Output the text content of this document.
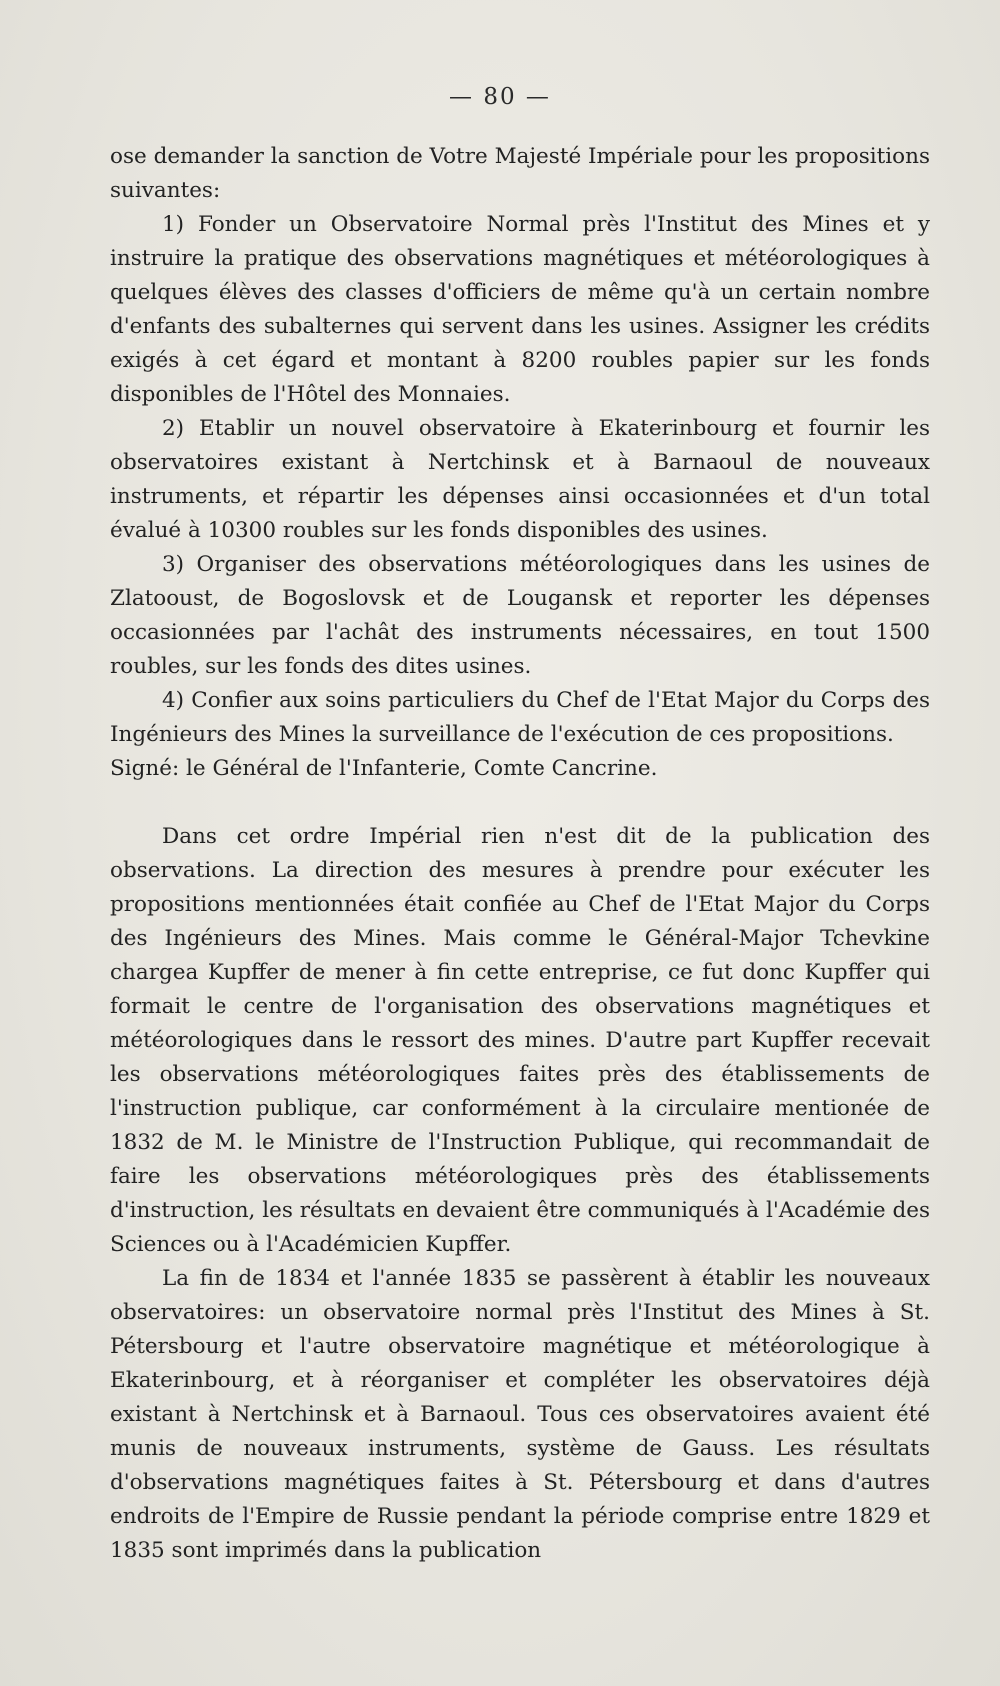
— 80 —

ose demander la sanction de Votre Majesté Impériale pour les propositions suivantes:

1) Fonder un Observatoire Normal près l'Institut des Mines et y instruire la pratique des observations magnétiques et météorologiques à quelques élèves des classes d'officiers de même qu'à un certain nombre d'enfants des subalternes qui servent dans les usines. Assigner les crédits exigés à cet égard et montant à 8200 roubles papier sur les fonds disponibles de l'Hôtel des Monnaies.

2) Etablir un nouvel observatoire à Ekaterinbourg et fournir les observatoires existant à Nertchinsk et à Barnaoul de nouveaux instruments, et répartir les dépenses ainsi occasionnées et d'un total évalué à 10300 roubles sur les fonds disponibles des usines.

3) Organiser des observations météorologiques dans les usines de Zlatooust, de Bogoslovsk et de Lougansk et reporter les dépenses occasionnées par l'achât des instruments nécessaires, en tout 1500 roubles, sur les fonds des dites usines.

4) Confier aux soins particuliers du Chef de l'Etat Major du Corps des Ingénieurs des Mines la surveillance de l'exécution de ces propositions.

Signé: le Général de l'Infanterie, Comte Cancrine.

Dans cet ordre Impérial rien n'est dit de la publication des observations. La direction des mesures à prendre pour exécuter les propositions mentionnées était confiée au Chef de l'Etat Major du Corps des Ingénieurs des Mines. Mais comme le Général-Major Tchevkine chargea Kupffer de mener à fin cette entreprise, ce fut donc Kupffer qui formait le centre de l'organisation des observations magnétiques et météorologiques dans le ressort des mines. D'autre part Kupffer recevait les observations météorologiques faites près des établissements de l'instruction publique, car conformément à la circulaire mentionée de 1832 de M. le Ministre de l'Instruction Publique, qui recommandait de faire les observations météorologiques près des établissements d'instruction, les résultats en devaient être communiqués à l'Académie des Sciences ou à l'Académicien Kupffer.

La fin de 1834 et l'année 1835 se passèrent à établir les nouveaux observatoires: un observatoire normal près l'Institut des Mines à St. Pétersbourg et l'autre observatoire magnétique et météorologique à Ekaterinbourg, et à réorganiser et compléter les observatoires déjà existant à Nertchinsk et à Barnaoul. Tous ces observatoires avaient été munis de nouveaux instruments, système de Gauss. Les résultats d'observations magnétiques faites à St. Pétersbourg et dans d'autres endroits de l'Empire de Russie pendant la période comprise entre 1829 et 1835 sont imprimés dans la publication
